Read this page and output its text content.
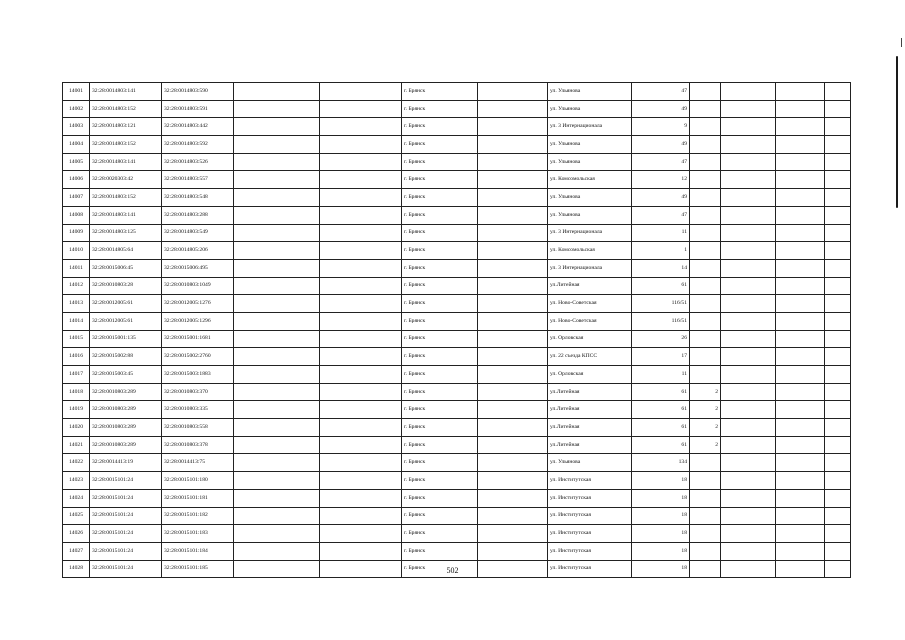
14001	32:28:0014803:141	32:28:0014803:590			г. Брянск		ул. Ульянова	47				
14002	32:28:0014803:152	32:28:0014803:591			г. Брянск		ул. Ульянова	49				
14003	32:28:0014803:121	32:28:0014803:442			г. Брянск		ул. 3 Интернационала	9				
14004	32:28:0014803:152	32:28:0014803:592			г. Брянск		ул. Ульянова	49				
14005	32:28:0014803:141	32:28:0014803:526			г. Брянск		ул. Ульянова	47				
14006	32:28:0020303:42	32:28:0014803:557			г. Брянск		ул. Комсомольская	12				
14007	32:28:0014803:152	32:28:0014803:548			г. Брянск		ул. Ульянова	49				
14008	32:28:0014803:141	32:28:0014803:288			г. Брянск		ул. Ульянова	47				
14009	32:28:0014803:125	32:28:0014803:549			г. Брянск		ул. 3 Интернационала	11				
14010	32:28:0014805:64	32:28:0014805:206			г. Брянск		ул. Комсомольская	1				
14011	32:28:0015006:45	32:28:0015006:495			г. Брянск		ул. 3 Интернационала	14				
14012	32:28:0010803:28	32:28:0010803:1049			г. Брянск		ул.Литейная	61				
14013	32:28:0012005:61	32:28:0012005:1276			г. Брянск		ул. Ново-Советская	116/51				
14014	32:28:0012005:61	32:28:0012005:1296			г. Брянск		ул. Ново-Советская	116/51				
14015	32:28:0015001:135	32:28:0015001:1681			г. Брянск		ул. Орловская	26				
14016	32:28:0015002:88	32:28:0015002:2760			г. Брянск		ул. 22 съезда КПСС	17				
14017	32:28:0015003:45	32:28:0015003:1883			г. Брянск		ул. Орловская	11				
14018	32:28:0010803:289	32:28:0010803:370			г. Брянск		ул.Литейная	61	2			
14019	32:28:0010803:289	32:28:0010803:335			г. Брянск		ул.Литейная	61	2			
14020	32:28:0010803:289	32:28:0010803:558			г. Брянск		ул.Литейная	61	2			
14021	32:28:0010803:289	32:28:0010803:378			г. Брянск		ул.Литейная	61	2			
14022	32:28:0014413:19	32:28:0014413:75			г. Брянск		ул. Ульянова	134				
14023	32:28:0015101:24	32:28:0015101:180			г. Брянск		ул. Институтская	18				
14024	32:28:0015101:24	32:28:0015101:181			г. Брянск		ул. Институтская	18				
14025	32:28:0015101:24	32:28:0015101:182			г. Брянск		ул. Институтская	18				
14026	32:28:0015101:24	32:28:0015101:183			г. Брянск		ул. Институтская	18				
14027	32:28:0015101:24	32:28:0015101:184			г. Брянск		ул. Институтская	18				
14028	32:28:0015101:24	32:28:0015101:185			г. Брянск		ул. Институтская	18				
502
